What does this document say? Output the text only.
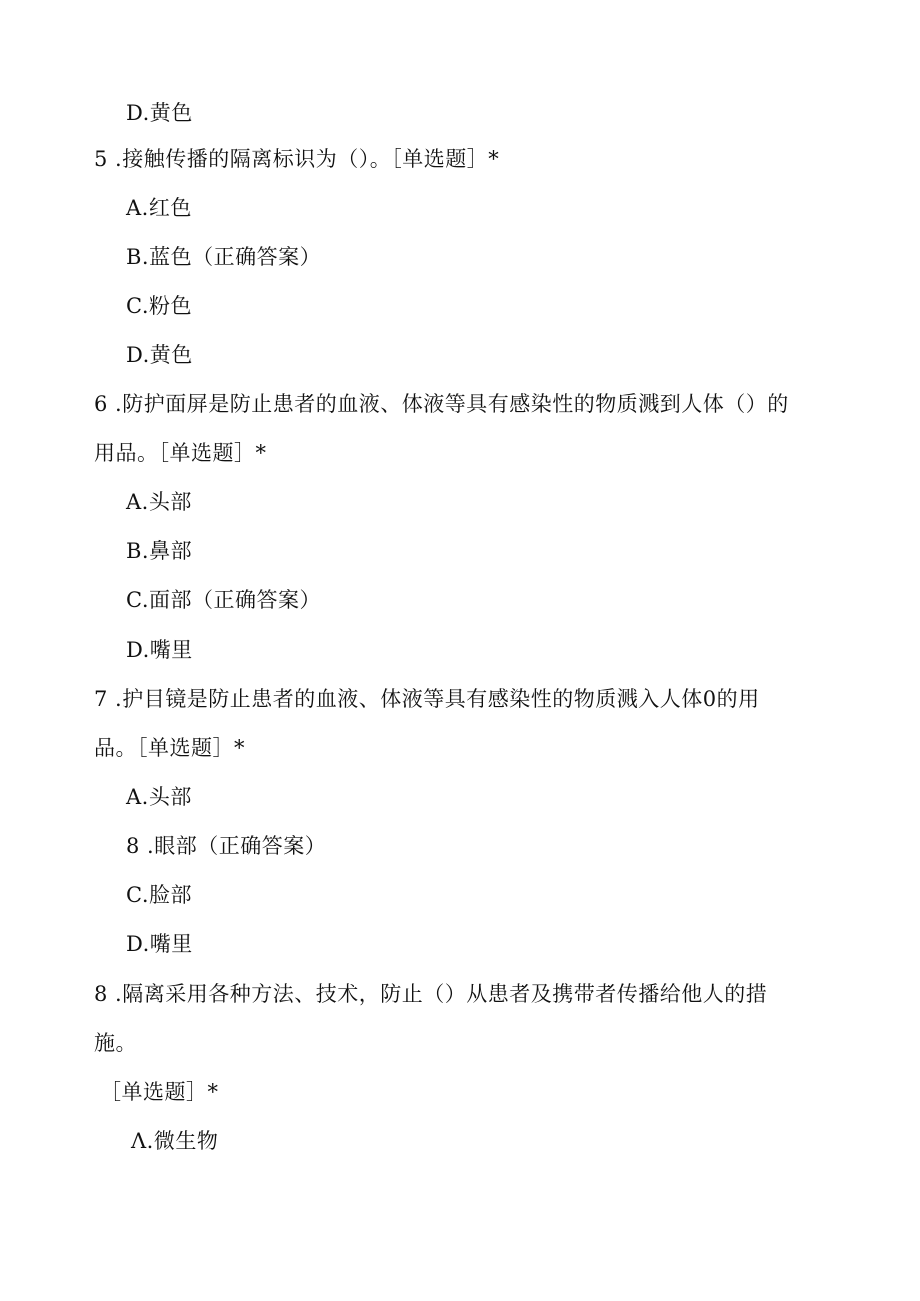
D.黄色
5 .接触传播的隔离标识为（）。［单选题］*
A.红色
B.蓝色（正确答案）
C.粉色
D.黄色
6 .防护面屏是防止患者的血液、体液等具有感染性的物质溅到人体（）的
用品。［单选题］*
A.头部
B.鼻部
C.面部（正确答案）
D.嘴里
7 .护目镜是防止患者的血液、体液等具有感染性的物质溅入人体0的用
品。［单选题］*
A.头部
8 .眼部（正确答案）
C.脸部
D.嘴里
8 .隔离采用各种方法、技术，防止（）从患者及携带者传播给他人的措
施。
［单选题］*
Λ.微生物
